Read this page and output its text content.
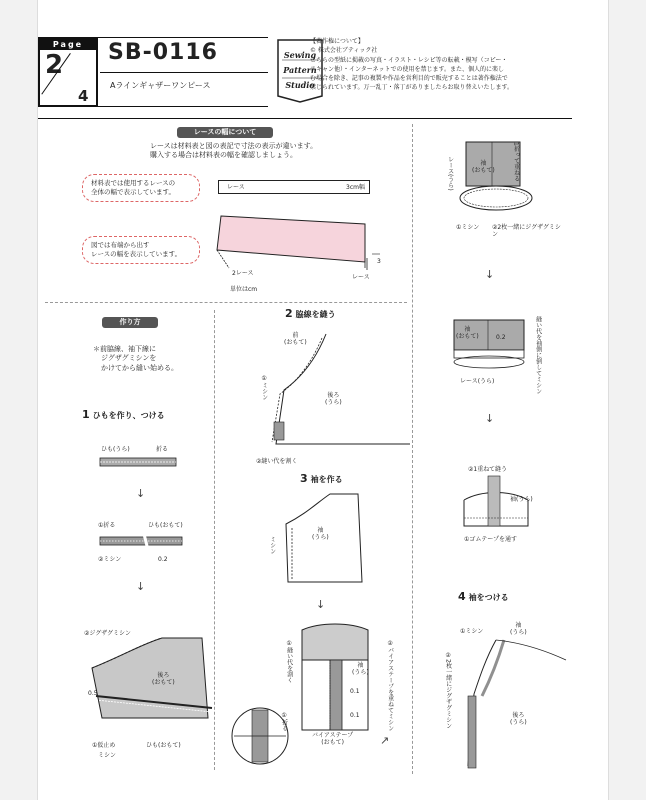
Page
2
4
SB-0116
Aラインギャザーワンピース
Sewing Pattern Studio
【著作権について】
© 株式会社ブティック社
こちらの型紙に掲載の写真・イラスト・レシピ等の転載・模写（コピー・
スキャン他）・インターネットでの使用を禁じます。また、個人的に楽し
む場合を除き、記事の複製や作品を営利目的で販売することは著作権法で
禁じられています。万一乱丁・落丁がありましたらお取り替えいたします。
レースの幅について
レースは材料表と図の表記で寸法の表示が違います。
購入する場合は材料表の幅を確認しましょう。
材料表では使用するレースの
全体の幅で表示しています。
レース	3cm幅
図では布端から出す
レースの幅を表示しています。
2レース
単位はcm
3
レース
作り方
＊前脇線、袖下線に
ジグザグミシンを
かけてから縫い始める。
1 ひもを作り、つける
ひも(うら)	折る
↓
①折る	ひも(おもて)
②ミシン	0.2
↓
②ジグザグミシン
後ろ
(おもて)
0.5
①仮止め
ミシン
ひも(おもて)
2 脇線を縫う
前
(おもて)
①ミシン	後ろ
(うら)
②縫い代を割く
3 袖を作る
ミシン
袖
(うら)
↓
①縫い代を割く	②バイアステープを重ねてミシン
袖
(うら)
0.1
0.1
バイアステープ
(おもて)
①折る
↗
袖
(おもて)	1折って重ねる
レース(うら)
①ミシン ②2枚一緒にジグザグミシン
↓
袖
(おもて)	0.2	縫い代を袖側に倒してミシン
レース(うら)
↓
②1重ねて縫う
袖(うら)
①ゴムテープを通す
4 袖をつける
①ミシン
袖
(うら)
②2枚一緒にジグザグミシン	後ろ
(うら)
